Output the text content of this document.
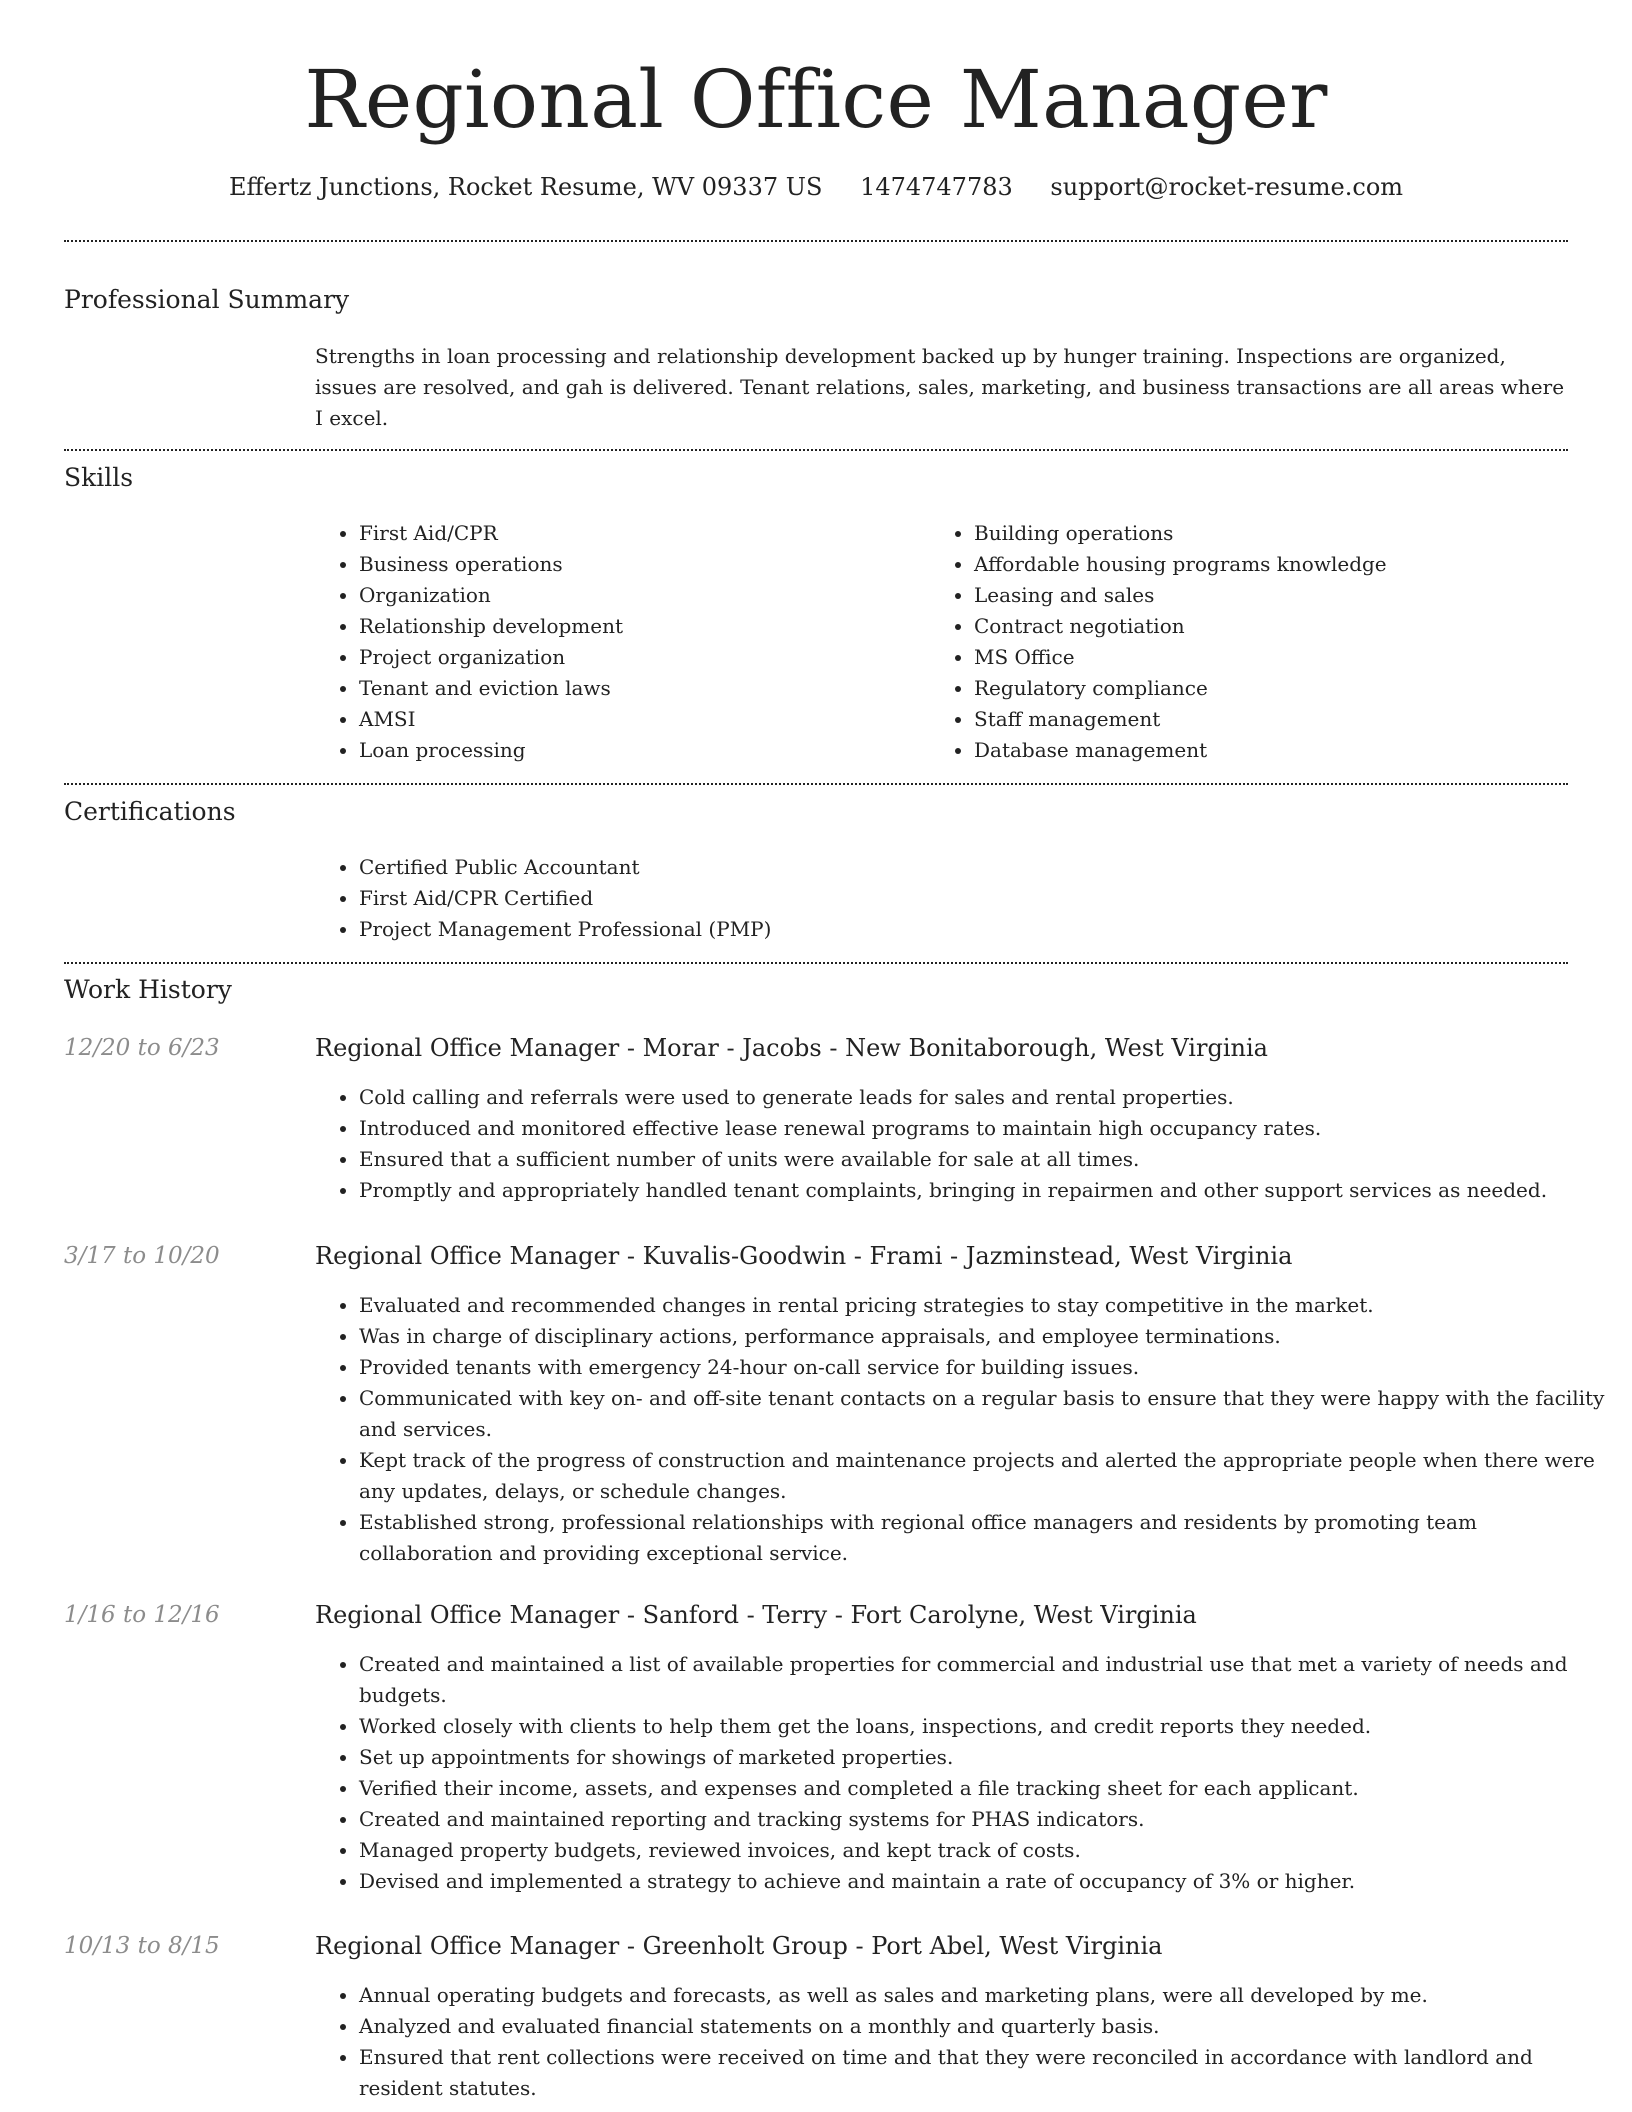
Regional Office Manager
Effertz Junctions, Rocket Resume, WV 09337 US 1474747783 support@rocket-resume.com
Professional Summary

Strengths in loan processing and relationship development backed up by hunger training. Inspections are organized, issues are resolved, and gah is delivered. Tenant relations, sales, marketing, and business transactions are all areas where I excel.

Skills
• First Aid/CPR
• Business operations
• Organization
• Relationship development
• Project organization
• Tenant and eviction laws
• AMSI
• Loan processing
• Building operations
• Affordable housing programs knowledge
• Leasing and sales
• Contract negotiation
• MS Office
• Regulatory compliance
• Staff management
• Database management
Certifications
• Certified Public Accountant
• First Aid/CPR Certified
• Project Management Professional (PMP)
Work History
12/20 to 6/23	Regional Office Manager - Morar - Jacobs - New Bonitaborough, West Virginia
• Cold calling and referrals were used to generate leads for sales and rental properties.
• Introduced and monitored effective lease renewal programs to maintain high occupancy rates.
• Ensured that a sufficient number of units were available for sale at all times.
• Promptly and appropriately handled tenant complaints, bringing in repairmen and other support services as needed.
3/17 to 10/20	Regional Office Manager - Kuvalis-Goodwin - Frami - Jazminstead, West Virginia
• Evaluated and recommended changes in rental pricing strategies to stay competitive in the market.
• Was in charge of disciplinary actions, performance appraisals, and employee terminations.
• Provided tenants with emergency 24-hour on-call service for building issues.
• Communicated with key on- and off-site tenant contacts on a regular basis to ensure that they were happy with the facility and services.
• Kept track of the progress of construction and maintenance projects and alerted the appropriate people when there were any updates, delays, or schedule changes.
• Established strong, professional relationships with regional office managers and residents by promoting team collaboration and providing exceptional service.
1/16 to 12/16	Regional Office Manager - Sanford - Terry - Fort Carolyne, West Virginia
• Created and maintained a list of available properties for commercial and industrial use that met a variety of needs and budgets.
• Worked closely with clients to help them get the loans, inspections, and credit reports they needed.
• Set up appointments for showings of marketed properties.
• Verified their income, assets, and expenses and completed a file tracking sheet for each applicant.
• Created and maintained reporting and tracking systems for PHAS indicators.
• Managed property budgets, reviewed invoices, and kept track of costs.
• Devised and implemented a strategy to achieve and maintain a rate of occupancy of 3% or higher.
10/13 to 8/15	Regional Office Manager - Greenholt Group - Port Abel, West Virginia
• Annual operating budgets and forecasts, as well as sales and marketing plans, were all developed by me.
• Analyzed and evaluated financial statements on a monthly and quarterly basis.
• Ensured that rent collections were received on time and that they were reconciled in accordance with landlord and resident statutes.
